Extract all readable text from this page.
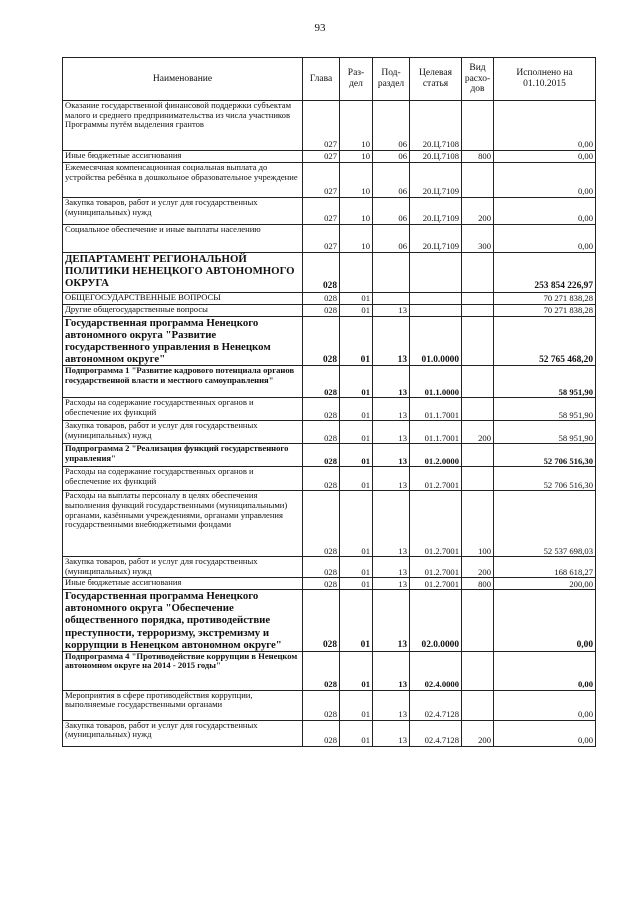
93
Наименование	Глава	Раз-дел	Под-раздел	Целевая статья	Вид расхо-дов	Исполнено на 01.10.2015
Оказание государственной финансовой поддержки субъектам малого и среднего предпринимательства из числа участников Программы путём выделения грантов	027	10	06	20.Ц.7108		0,00
Иные бюджетные ассигнования	027	10	06	20.Ц.7108	800	0,00
Ежемесячная компенсационная социальная выплата до устройства ребёнка в дошкольное образовательное учреждение	027	10	06	20.Ц.7109		0,00
Закупка товаров, работ и услуг для государственных (муниципальных) нужд	027	10	06	20.Ц.7109	200	0,00
Социальное обеспечение и иные выплаты населению	027	10	06	20.Ц.7109	300	0,00
ДЕПАРТАМЕНТ РЕГИОНАЛЬНОЙ ПОЛИТИКИ НЕНЕЦКОГО АВТОНОМНОГО ОКРУГА	028					253 854 226,97
ОБЩЕГОСУДАРСТВЕННЫЕ ВОПРОСЫ	028	01				70 271 838,28
Другие общегосударственные вопросы	028	01	13			70 271 838,28
Государственная программа Ненецкого автономного округа "Развитие государственного управления в Ненецком автономном округе"	028	01	13	01.0.0000		52 765 468,20
Подпрограмма 1 "Развитие кадрового потенциала органов государственной власти и местного самоуправления"	028	01	13	01.1.0000		58 951,90
Расходы на содержание государственных органов и обеспечение их функций	028	01	13	01.1.7001		58 951,90
Закупка товаров, работ и услуг для государственных (муниципальных) нужд	028	01	13	01.1.7001	200	58 951,90
Подпрограмма 2 "Реализация функций государственного управления"	028	01	13	01.2.0000		52 706 516,30
Расходы на содержание государственных органов и обеспечение их функций	028	01	13	01.2.7001		52 706 516,30
Расходы на выплаты персоналу в целях обеспечения выполнения функций государственными (муниципальными) органами, казёнными учреждениями, органами управления государственными внебюджетными фондами	028	01	13	01.2.7001	100	52 537 698,03
Закупка товаров, работ и услуг для государственных (муниципальных) нужд	028	01	13	01.2.7001	200	168 618,27
Иные бюджетные ассигнования	028	01	13	01.2.7001	800	200,00
Государственная программа Ненецкого автономного округа "Обеспечение общественного порядка, противодействие преступности, терроризму, экстремизму и коррупции в Ненецком автономном округе"	028	01	13	02.0.0000		0,00
Подпрограмма 4 "Противодействие коррупции в Ненецком автономном округе на 2014 - 2015 годы"	028	01	13	02.4.0000		0,00
Мероприятия в сфере противодействия коррупции, выполняемые государственными органами	028	01	13	02.4.7128		0,00
Закупка товаров, работ и услуг для государственных (муниципальных) нужд	028	01	13	02.4.7128	200	0,00
